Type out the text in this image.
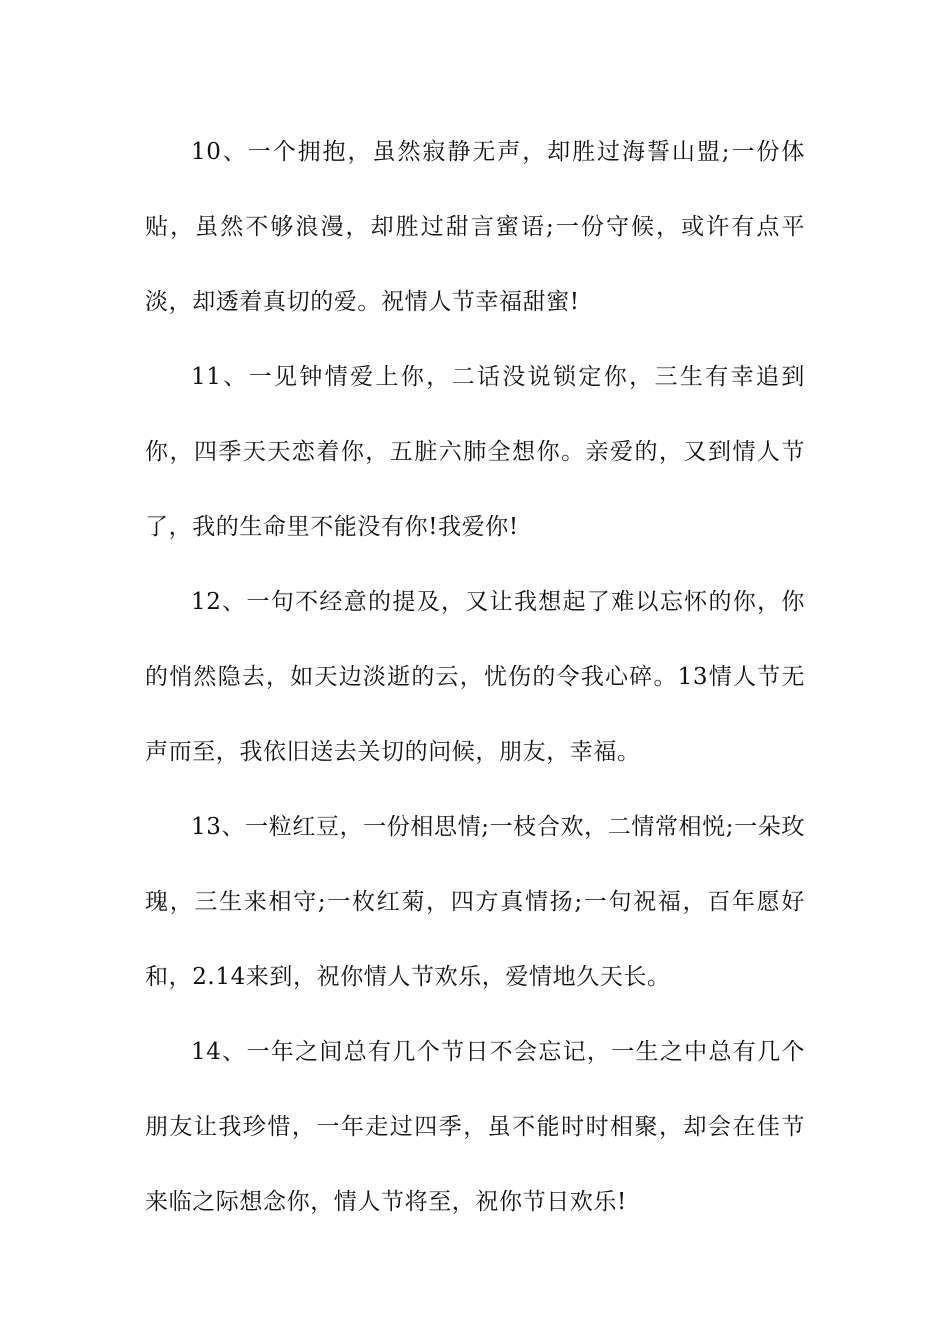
10、一个拥抱，虽然寂静无声，却胜过海誓山盟;一份体贴，虽然不够浪漫，却胜过甜言蜜语;一份守候，或许有点平淡，却透着真切的爱。祝情人节幸福甜蜜!

11、一见钟情爱上你，二话没说锁定你，三生有幸追到你，四季天天恋着你，五脏六肺全想你。亲爱的，又到情人节了，我的生命里不能没有你!我爱你!

12、一句不经意的提及，又让我想起了难以忘怀的你，你的悄然隐去，如天边淡逝的云，忧伤的令我心碎。13情人节无声而至，我依旧送去关切的问候，朋友，幸福。

13、一粒红豆，一份相思情;一枝合欢，二情常相悦;一朵玫瑰，三生来相守;一枚红菊，四方真情扬;一句祝福，百年愿好和，2.14来到，祝你情人节欢乐，爱情地久天长。

14、一年之间总有几个节日不会忘记，一生之中总有几个朋友让我珍惜，一年走过四季，虽不能时时相聚，却会在佳节来临之际想念你，情人节将至，祝你节日欢乐!
